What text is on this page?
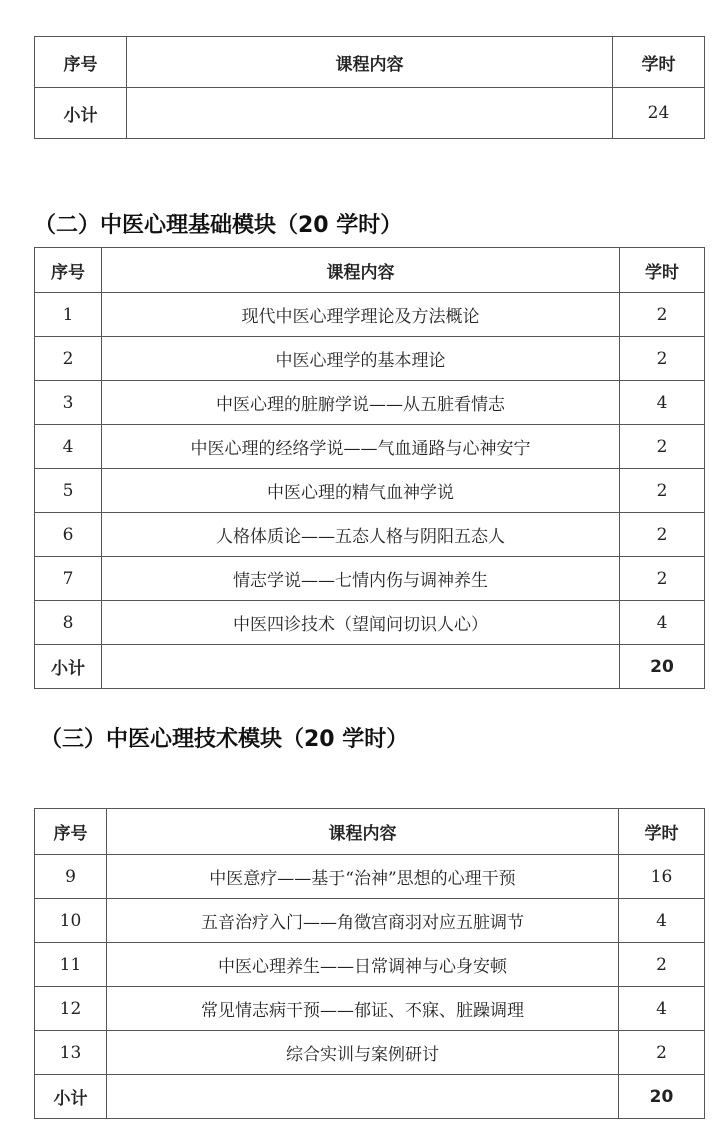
序号	课程内容	学时
小计		24
（二）中医心理基础模块（20 学时）
序号	课程内容	学时
1	现代中医心理学理论及方法概论	2
2	中医心理学的基本理论	2
3	中医心理的脏腑学说——从五脏看情志	4
4	中医心理的经络学说——气血通路与心神安宁	2
5	中医心理的精气血神学说	2
6	人格体质论——五态人格与阴阳五态人	2
7	情志学说——七情内伤与调神养生	2
8	中医四诊技术（望闻问切识人心）	4
小计		20
（三）中医心理技术模块（20 学时）
序号	课程内容	学时
9	中医意疗——基于“治神”思想的心理干预	16
10	五音治疗入门——角徵宫商羽对应五脏调节	4
11	中医心理养生——日常调神与心身安顿	2
12	常见情志病干预——郁证、不寐、脏躁调理	4
13	综合实训与案例研讨	2
小计		20
